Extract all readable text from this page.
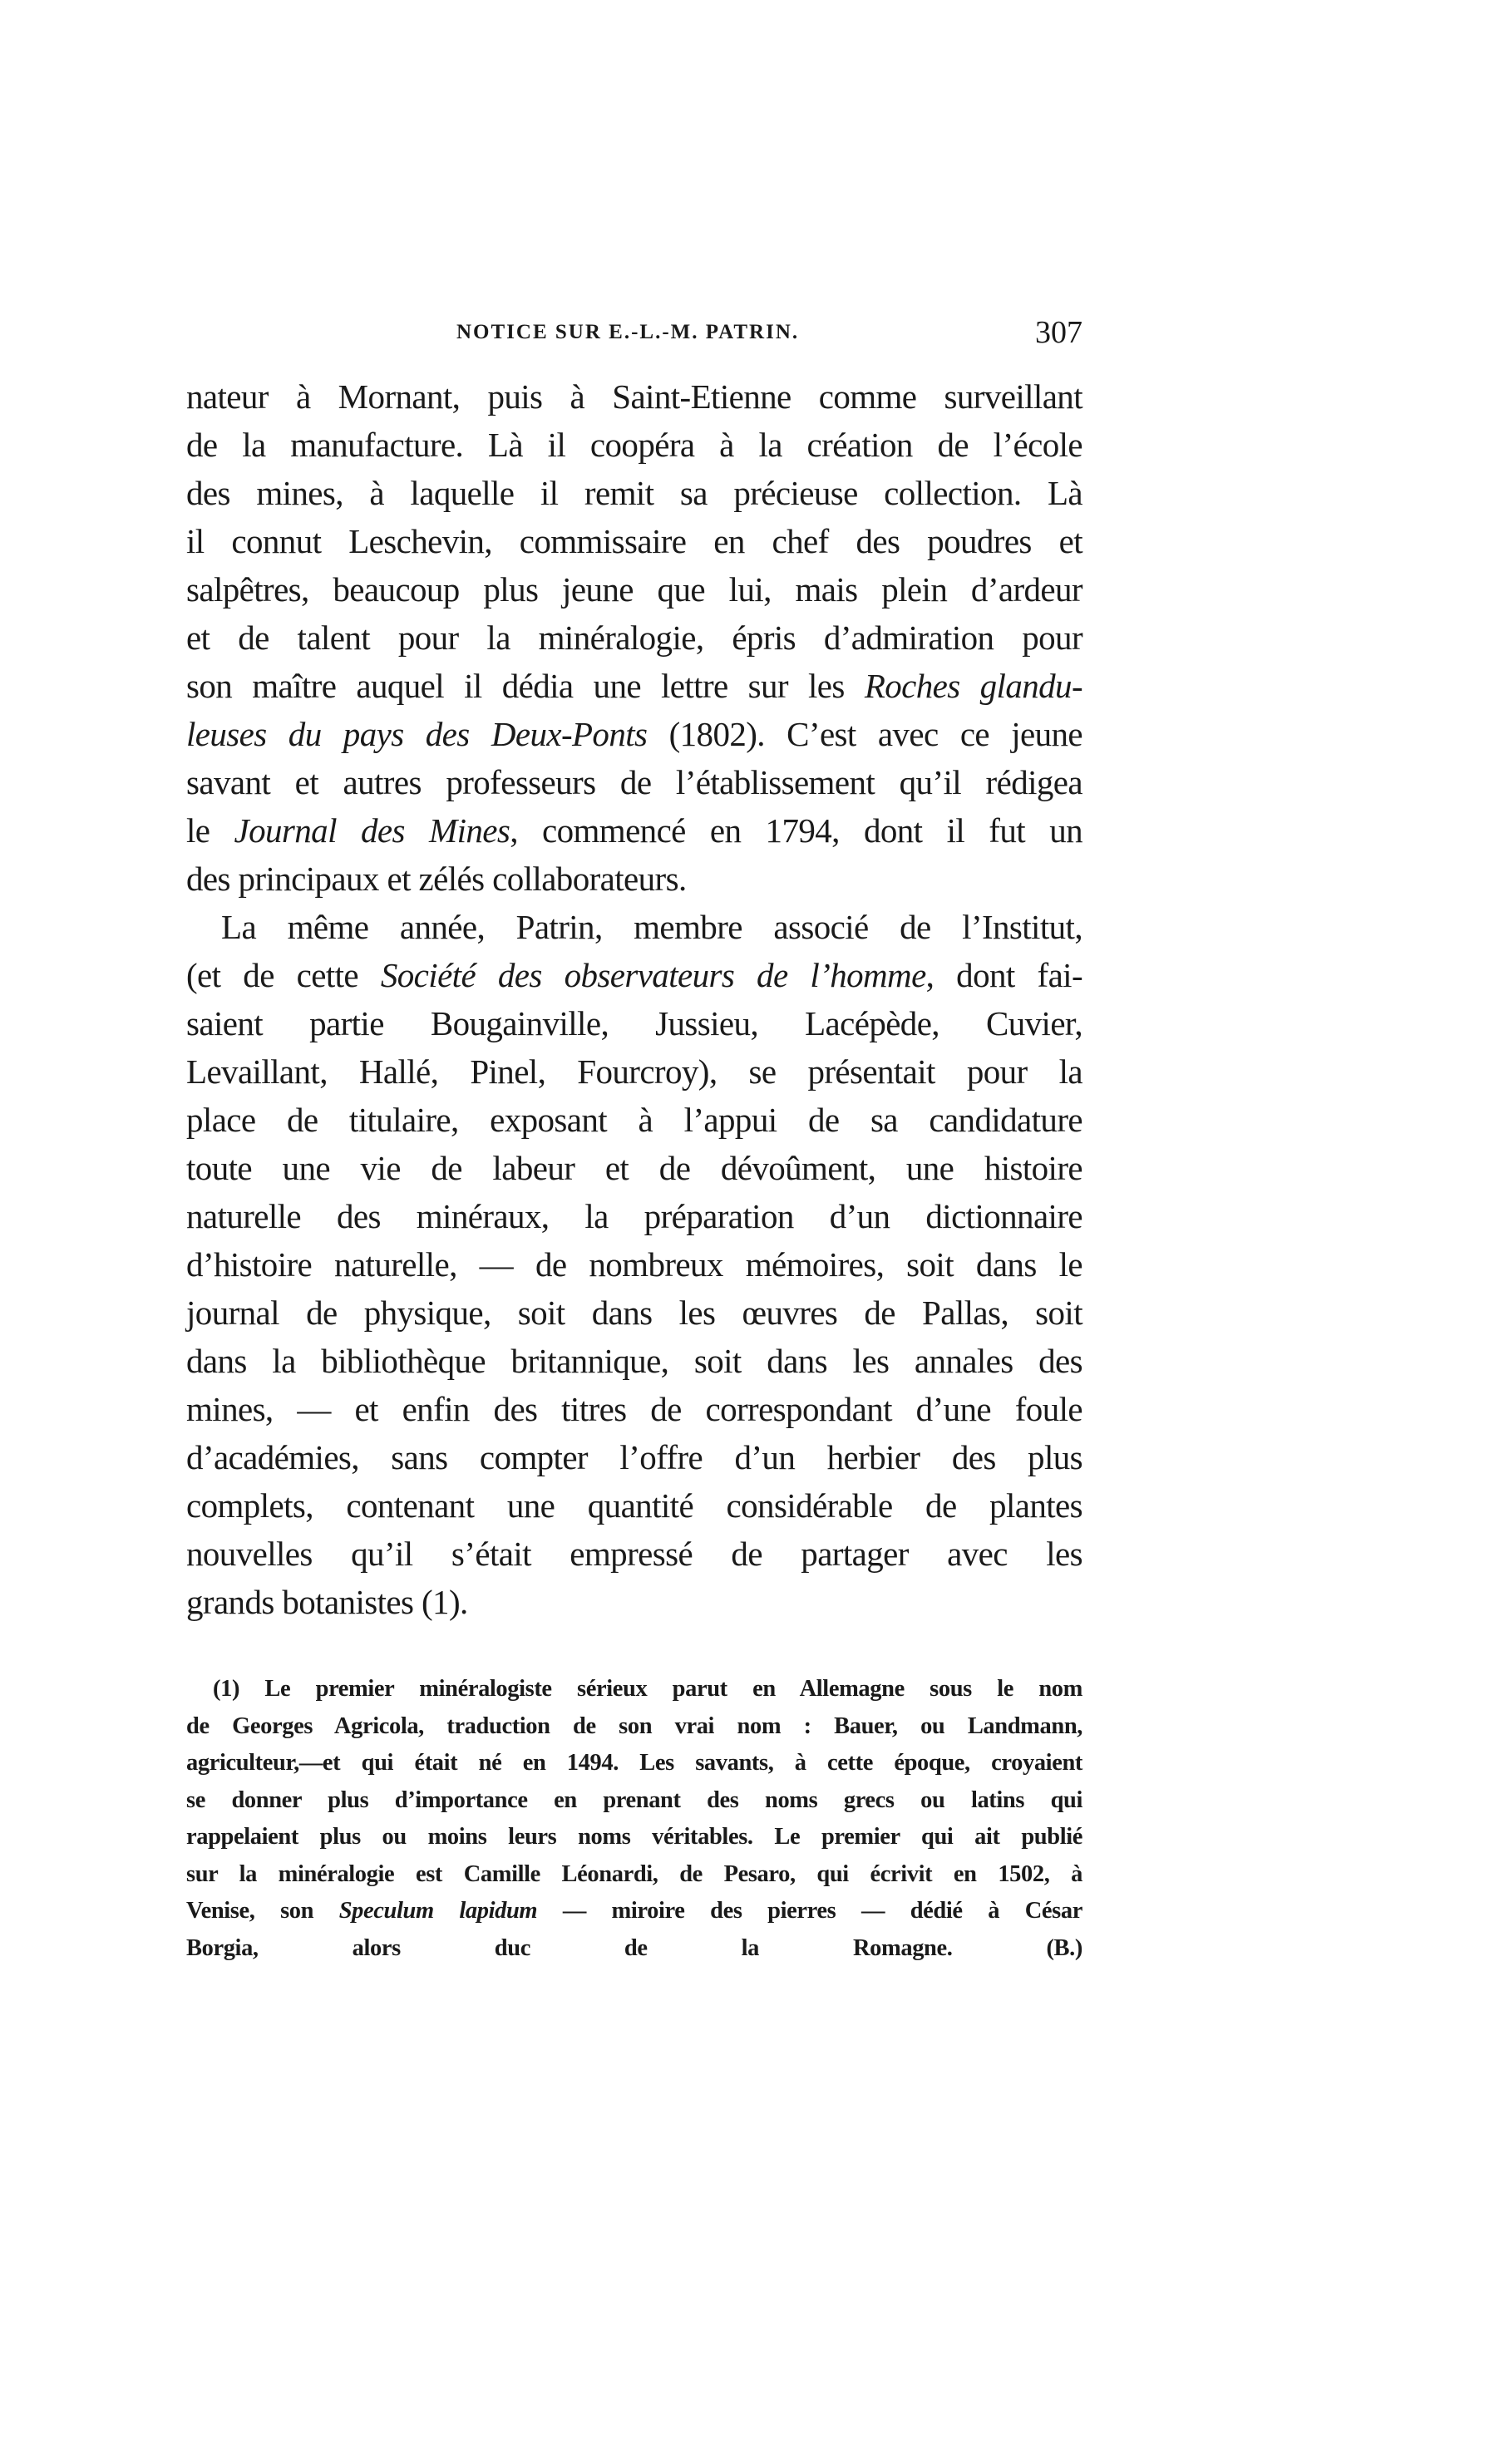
NOTICE SUR E.-L.-M. PATRIN.	307
nateur à Mornant, puis à Saint-Etienne comme surveillant
de la manufacture. Là il coopéra à la création de l’école
des mines, à laquelle il remit sa précieuse collection. Là
il connut Leschevin, commissaire en chef des poudres et
salpêtres, beaucoup plus jeune que lui, mais plein d’ardeur
et de talent pour la minéralogie, épris d’admiration pour
son maître auquel il dédia une lettre sur les Roches glandu-
leuses du pays des Deux-Ponts (1802). C’est avec ce jeune
savant et autres professeurs de l’établissement qu’il rédigea
le Journal des Mines, commencé en 1794, dont il fut un
des principaux et zélés collaborateurs.
La même année, Patrin, membre associé de l’Institut,
(et de cette Société des observateurs de l’homme, dont fai-
saient partie Bougainville, Jussieu, Lacépède, Cuvier,
Levaillant, Hallé, Pinel, Fourcroy), se présentait pour la
place de titulaire, exposant à l’appui de sa candidature
toute une vie de labeur et de dévoûment, une histoire
naturelle des minéraux, la préparation d’un dictionnaire
d’histoire naturelle, — de nombreux mémoires, soit dans le
journal de physique, soit dans les œuvres de Pallas, soit
dans la bibliothèque britannique, soit dans les annales des
mines, — et enfin des titres de correspondant d’une foule
d’académies, sans compter l’offre d’un herbier des plus
complets, contenant une quantité considérable de plantes
nouvelles qu’il s’était empressé de partager avec les
grands botanistes (1).
(1) Le premier minéralogiste sérieux parut en Allemagne sous le nom
de Georges Agricola, traduction de son vrai nom : Bauer, ou Landmann,
agriculteur,—et qui était né en 1494. Les savants, à cette époque, croyaient
se donner plus d’importance en prenant des noms grecs ou latins qui
rappelaient plus ou moins leurs noms véritables. Le premier qui ait publié
sur la minéralogie est Camille Léonardi, de Pesaro, qui écrivit en 1502, à
Venise, son Speculum lapidum — miroire des pierres — dédié à César
Borgia, alors duc de la Romagne. (B.)
